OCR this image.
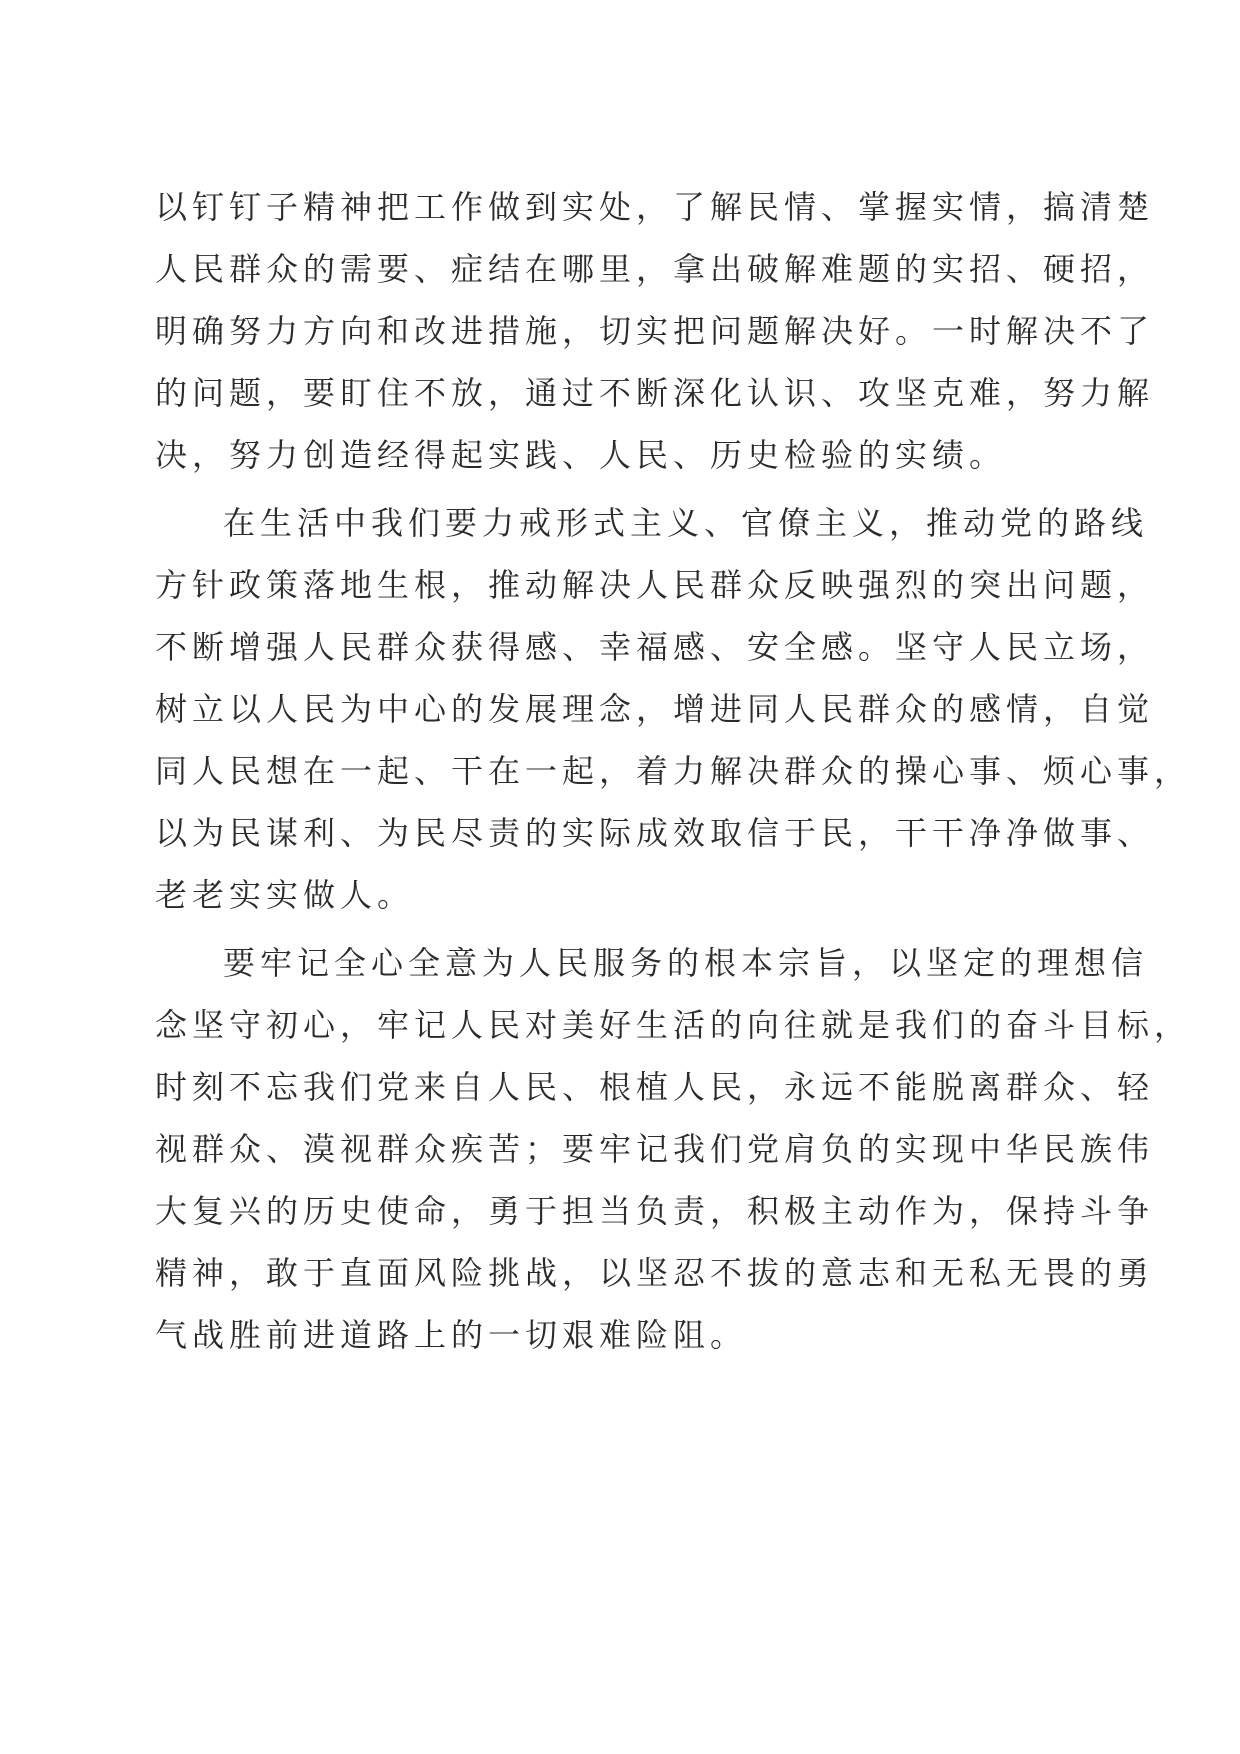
以钉钉子精神把工作做到实处，了解民情、掌握实情，搞清楚
人民群众的需要、症结在哪里，拿出破解难题的实招、硬招，
明确努力方向和改进措施，切实把问题解决好。一时解决不了
的问题，要盯住不放，通过不断深化认识、攻坚克难，努力解
决，努力创造经得起实践、人民、历史检验的实绩。
在生活中我们要力戒形式主义、官僚主义，推动党的路线
方针政策落地生根，推动解决人民群众反映强烈的突出问题，
不断增强人民群众获得感、幸福感、安全感。坚守人民立场，
树立以人民为中心的发展理念，增进同人民群众的感情，自觉
同人民想在一起、干在一起，着力解决群众的操心事、烦心事，
以为民谋利、为民尽责的实际成效取信于民，干干净净做事、
老老实实做人。
要牢记全心全意为人民服务的根本宗旨，以坚定的理想信
念坚守初心，牢记人民对美好生活的向往就是我们的奋斗目标，
时刻不忘我们党来自人民、根植人民，永远不能脱离群众、轻
视群众、漠视群众疾苦；要牢记我们党肩负的实现中华民族伟
大复兴的历史使命，勇于担当负责，积极主动作为，保持斗争
精神，敢于直面风险挑战，以坚忍不拔的意志和无私无畏的勇
气战胜前进道路上的一切艰难险阻。
